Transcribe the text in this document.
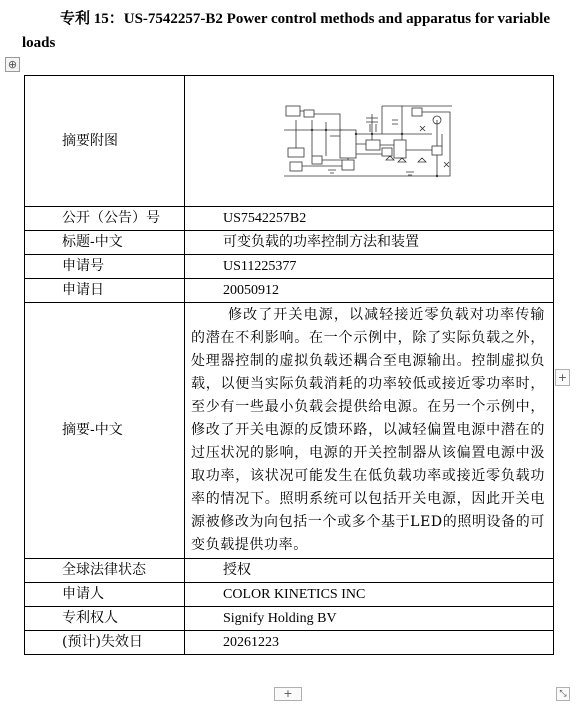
专利 15：US-7542257-B2 Power control methods and apparatus for variable loads

⊕
摘要附图	

公开（公告）号	US7542257B2
标题-中文	可变负载的功率控制方法和装置
申请号	US11225377
申请日	20050912
摘要-中文	修改了开关电源，以减轻接近零负载对功率传输的潜在不利影响。在一个示例中，除了实际负载之外，处理器控制的虚拟负载还耦合至电源输出。控制虚拟负载，以便当实际负载消耗的功率较低或接近零功率时，至少有一些最小负载会提供给电源。在另一个示例中，修改了开关电源的反馈环路，以减轻偏置电源中潜在的过压状况的影响，电源的开关控制器从该偏置电源中汲取功率，该状况可能发生在低负载功率或接近零负载功率的情况下。照明系统可以包括开关电源，因此开关电源被修改为向包括一个或多个基于LED的照明设备的可变负载提供功率。

全球法律状态	授权
申请人	COLOR KINETICS INC
专利权人	Signify Holding BV
(预计)失效日	20261223
+
+	⤡
